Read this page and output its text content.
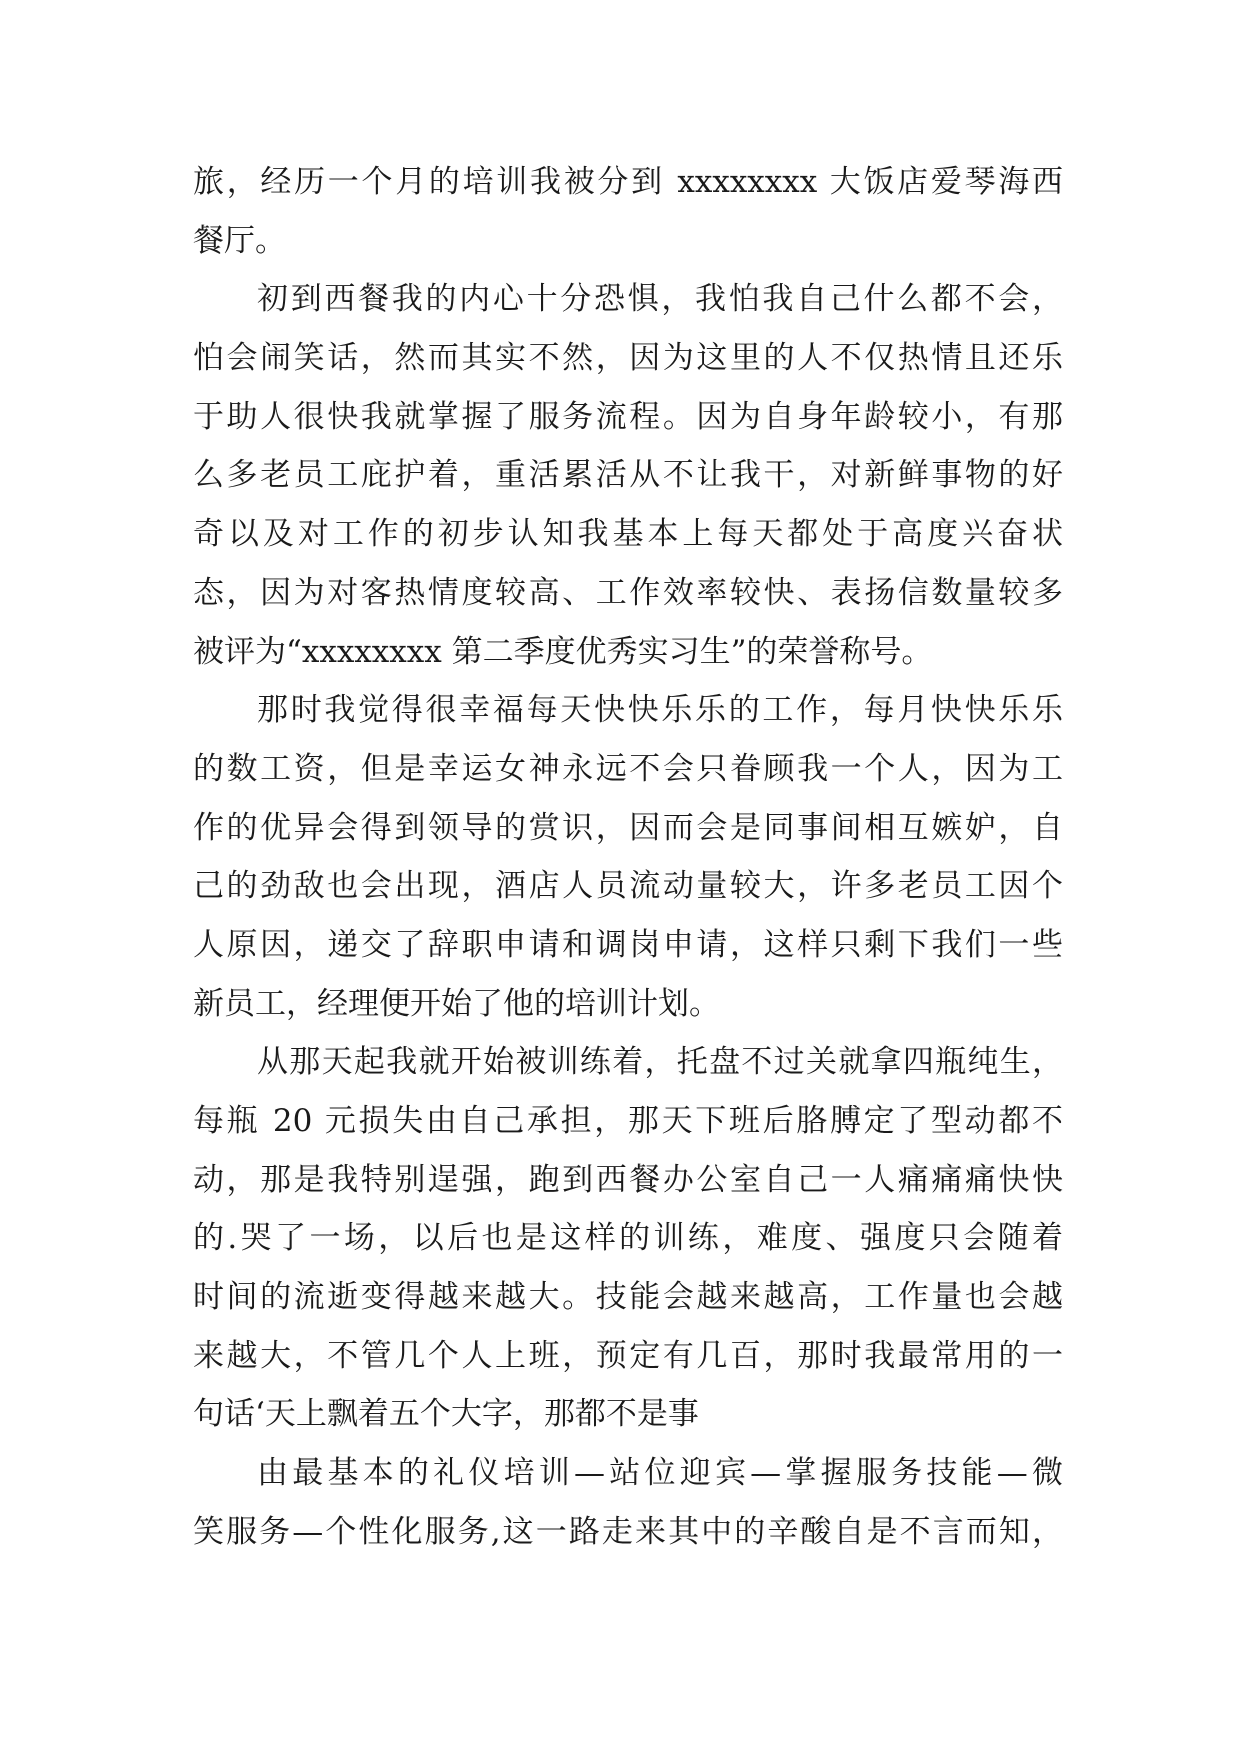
旅，经历一个月的培训我被分到 xxxxxxxx 大饭店爱琴海西
餐厅。
初到西餐我的内心十分恐惧，我怕我自己什么都不会，
怕会闹笑话，然而其实不然，因为这里的人不仅热情且还乐
于助人很快我就掌握了服务流程。因为自身年龄较小，有那
么多老员工庇护着，重活累活从不让我干，对新鲜事物的好
奇以及对工作的初步认知我基本上每天都处于高度兴奋状
态，因为对客热情度较高、工作效率较快、表扬信数量较多
被评为“xxxxxxxx 第二季度优秀实习生”的荣誉称号。
那时我觉得很幸福每天快快乐乐的工作，每月快快乐乐
的数工资，但是幸运女神永远不会只眷顾我一个人，因为工
作的优异会得到领导的赏识，因而会是同事间相互嫉妒，自
己的劲敌也会出现，酒店人员流动量较大，许多老员工因个
人原因，递交了辞职申请和调岗申请，这样只剩下我们一些
新员工，经理便开始了他的培训计划。
从那天起我就开始被训练着，托盘不过关就拿四瓶纯生，
每瓶 20 元损失由自己承担，那天下班后胳膊定了型动都不
动，那是我特别逞强，跑到西餐办公室自己一人痛痛痛快快
的.哭了一场，以后也是这样的训练，难度、强度只会随着
时间的流逝变得越来越大。技能会越来越高，工作量也会越
来越大，不管几个人上班，预定有几百，那时我最常用的一
句话‘天上飘着五个大字，那都不是事
由最基本的礼仪培训—站位迎宾—掌握服务技能—微
笑服务—个性化服务,这一路走来其中的辛酸自是不言而知，
